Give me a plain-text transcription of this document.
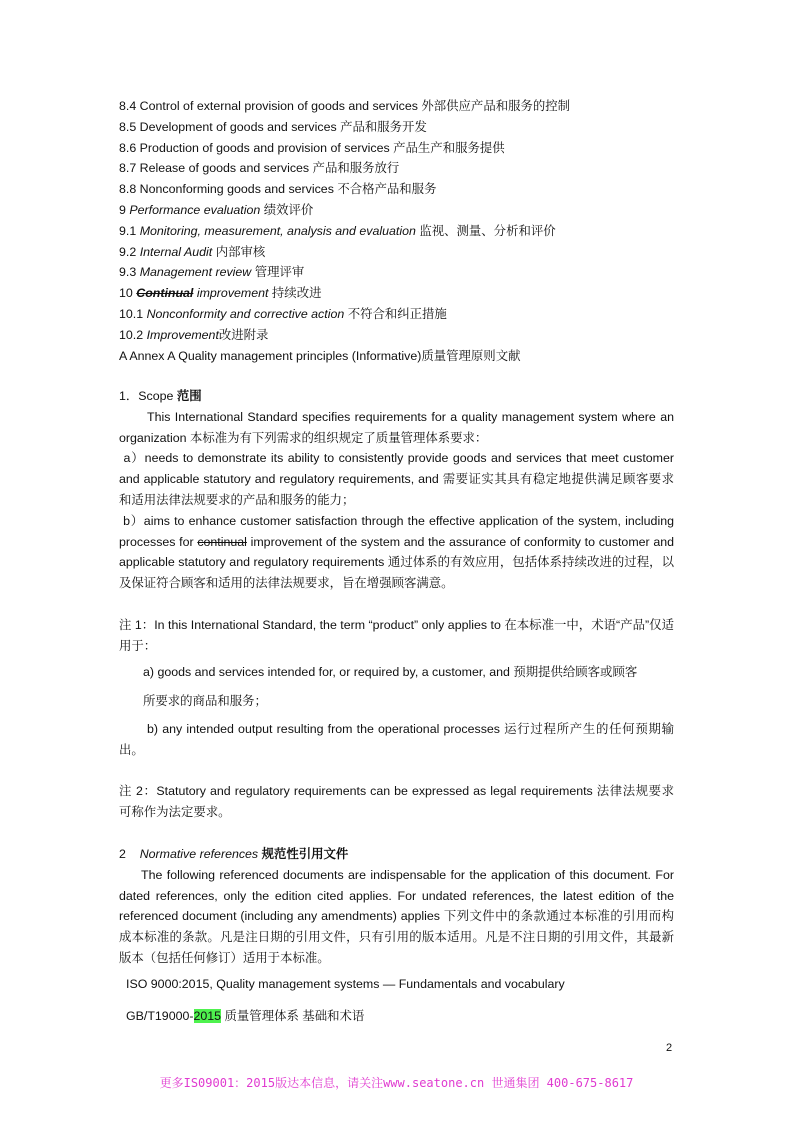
8.4 Control of external provision of goods and services 外部供应产品和服务的控制
8.5 Development of goods and services 产品和服务开发
8.6 Production of goods and provision of services 产品生产和服务提供
8.7 Release of goods and services 产品和服务放行
8.8 Nonconforming goods and services 不合格产品和服务
9 Performance evaluation 绩效评价
9.1 Monitoring, measurement, analysis and evaluation 监视、测量、分析和评价
9.2 Internal Audit 内部审核
9.3 Management review 管理评审
10 Continual improvement 持续改进
10.1 Nonconformity and corrective action 不符合和纠正措施
10.2 Improvement改进附录
A Annex A Quality management principles (Informative)质量管理原则文献
1．Scope 范围
This International Standard specifies requirements for a quality management system where an organization 本标准为有下列需求的组织规定了质量管理体系要求：
a）needs to demonstrate its ability to consistently provide goods and services that meet customer and applicable statutory and regulatory requirements, and 需要证实其具有稳定地提供满足顾客要求和适用法律法规要求的产品和服务的能力；
b）aims to enhance customer satisfaction through the effective application of the system, including processes for continual improvement of the system and the assurance of conformity to customer and applicable statutory and regulatory requirements 通过体系的有效应用，包括体系持续改进的过程，以及保证符合顾客和适用的法律法规要求，旨在增强顾客满意。
注 1：In this International Standard, the term “product” only applies to 在本标准一中，术语“产品”仅适用于：
a) goods and services intended for, or required by, a customer, and 预期提供给顾客或顾客
所要求的商品和服务；
b) any intended output resulting from the operational processes 运行过程所产生的任何预期输出。
注 2：Statutory and regulatory requirements can be expressed as legal requirements 法律法规要求可称作为法定要求。
2 Normative references 规范性引用文件
The following referenced documents are indispensable for the application of this document. For dated references, only the edition cited applies. For undated references, the latest edition of the referenced document (including any amendments) applies 下列文件中的条款通过本标准的引用而构成本标准的条款。凡是注日期的引用文件，只有引用的版本适用。凡是不注日期的引用文件，其最新版本（包括任何修订）适用于本标准。
ISO 9000:2015, Quality management systems — Fundamentals and vocabulary
GB/T19000-2015 质量管理体系 基础和术语
2
更多IS09001：2015版达本信息，请关注www.seatone.cn 世通集团 400-675-8617
